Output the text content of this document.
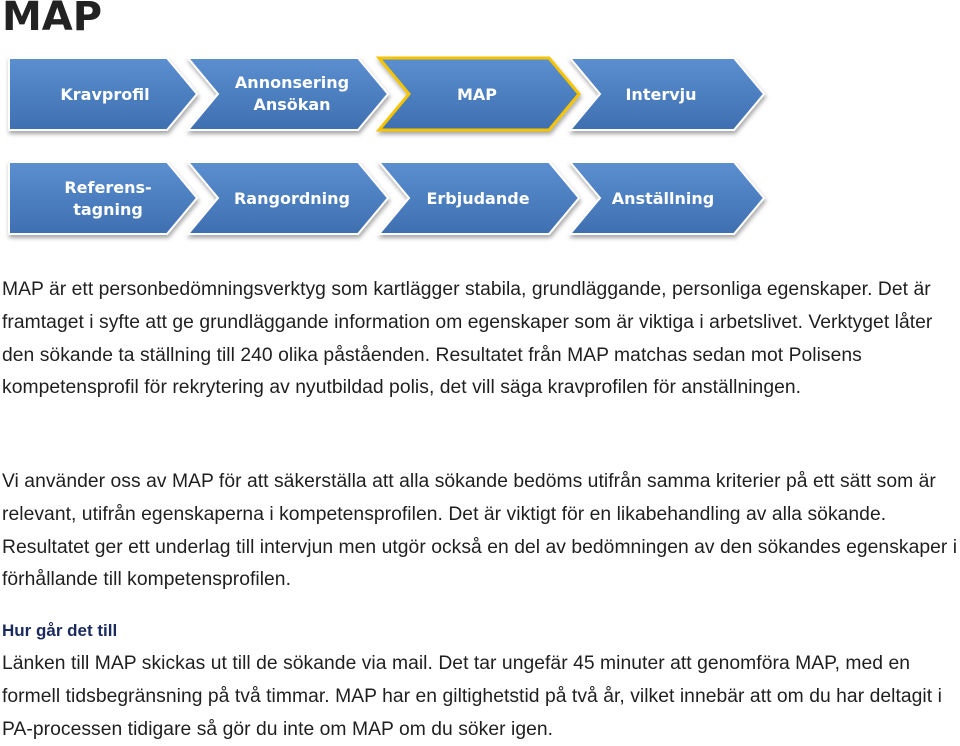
MAP
Kravprofil
Annonsering
Ansökan
MAP	Intervju
Referens-
tagning
Rangordning	Erbjudande	Anställning

MAP är ett personbedömningsverktyg som kartlägger stabila, grundläggande, personliga egenskaper. Det är framtaget i syfte att ge grundläggande information om egenskaper som är viktiga i arbetslivet. Verktyget låter den sökande ta ställning till 240 olika påståenden. Resultatet från MAP matchas sedan mot Polisens kompetensprofil för rekrytering av nyutbildad polis, det vill säga kravprofilen för anställningen.

Vi använder oss av MAP för att säkerställa att alla sökande bedöms utifrån samma kriterier på ett sätt som är relevant, utifrån egenskaperna i kompetensprofilen. Det är viktigt för en likabehandling av alla sökande. Resultatet ger ett underlag till intervjun men utgör också en del av bedömningen av den sökandes egenskaper i förhållande till kompetensprofilen.

Hur går det till

Länken till MAP skickas ut till de sökande via mail. Det tar ungefär 45 minuter att genomföra MAP, med en formell tidsbegränsning på två timmar. MAP har en giltighetstid på två år, vilket innebär att om du har deltagit i PA-processen tidigare så gör du inte om MAP om du söker igen.
